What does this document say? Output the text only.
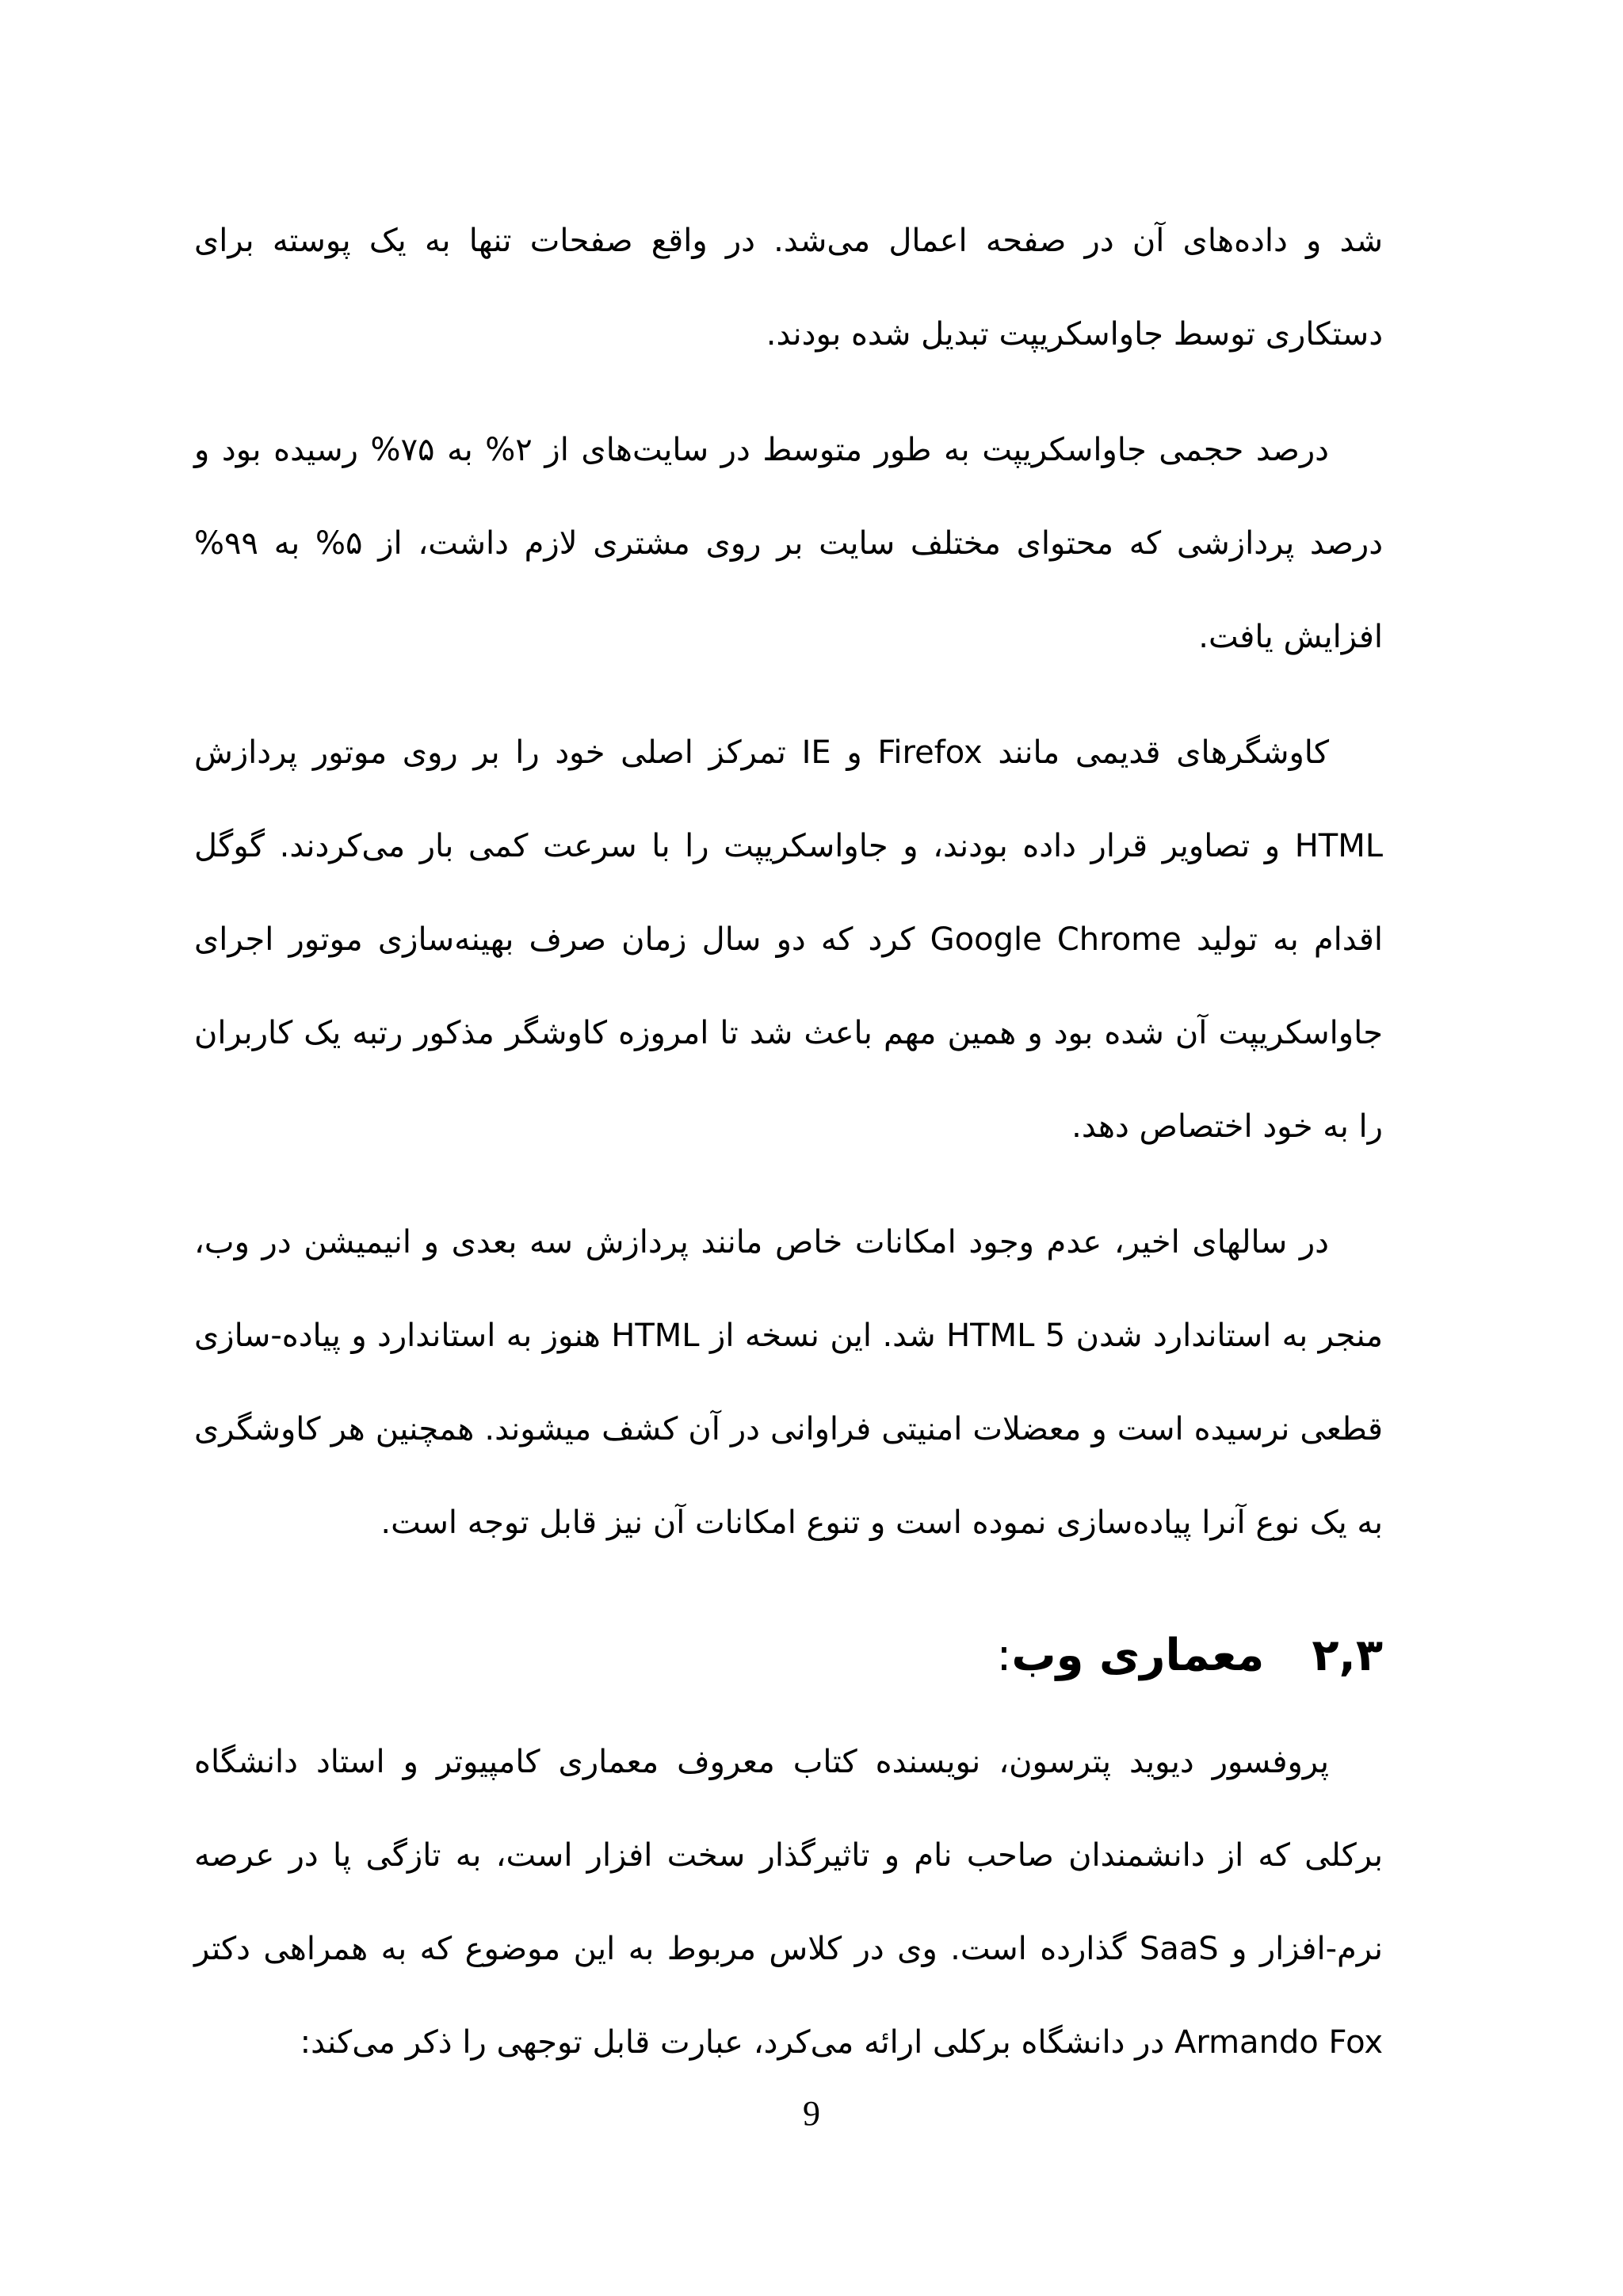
شد و داده‌های آن در صفحه اعمال می‌شد. در واقع صفحات تنها به یک پوسته برای دستکاری توسط جاواسکریپت تبدیل شده بودند.

درصد حجمی جاواسکریپت به طور متوسط در سایت‌های از ۲% به ۷۵% رسیده بود و درصد پردازشی که محتوای مختلف سایت بر روی مشتری لازم داشت، از ۵% به ۹۹% افزایش یافت.

کاوشگرهای قدیمی مانند Firefox و IE تمرکز اصلی خود را بر روی موتور پردازش HTML و تصاویر قرار داده بودند، و جاواسکریپت را با سرعت کمی بار می‌کردند. گوگل اقدام به تولید Google Chrome کرد که دو سال زمان صرف بهینه‌سازی موتور اجرای جاواسکریپت آن شده بود و همین مهم باعث شد تا امروزه کاوشگر مذکور رتبه یک کاربران را به خود اختصاص دهد.

در سالهای اخیر، عدم وجود امکانات خاص مانند پردازش سه بعدی و انیمیشن در وب، منجر به استاندارد شدن HTML 5 شد. این نسخه از HTML هنوز به استاندارد و پیاده-سازی قطعی نرسیده است و معضلات امنیتی فراوانی در آن کشف میشوند. همچنین هر کاوشگری به یک نوع آنرا پیاده‌سازی نموده است و تنوع امکانات آن نیز قابل توجه است.

۲,۳معماری وب:

پروفسور دیوید پترسون، نویسنده کتاب معروف معماری کامپیوتر و استاد دانشگاه برکلی که از دانشمندان صاحب نام و تاثیرگذار سخت افزار است، به تازگی پا در عرصه نرم-افزار و SaaS گذارده است. وی در کلاس مربوط به این موضوع که به همراهی دکتر Armando Fox در دانشگاه برکلی ارائه می‌کرد، عبارت قابل توجهی را ذکر می‌کند:

9
